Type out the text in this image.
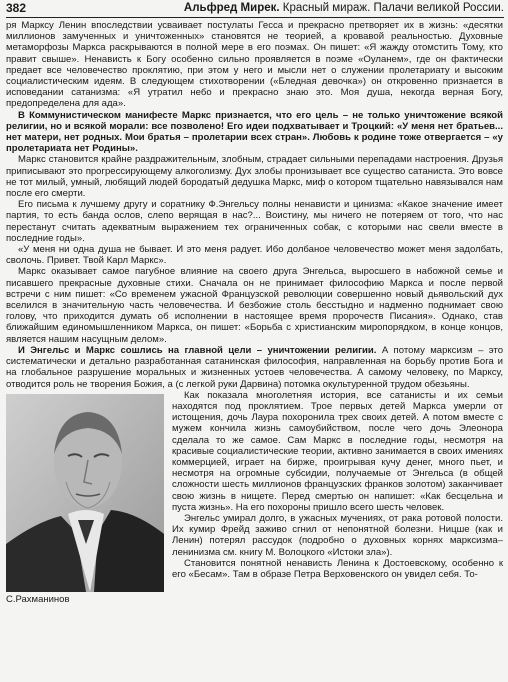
382	Альфред Мирек. Красный мираж. Палачи великой России.

ря Марксу Ленин впоследствии усваивает постулаты Гесса и прекрасно претворяет их в жизнь: «десятки миллионов замученных и уничтоженных» становятся не теорией, а кровавой реальностью. Духовные метаморфозы Маркса раскрываются в полной мере в его поэмах. Он пишет: «Я жажду отомстить Тому, кто правит свыше». Ненависть к Богу особенно сильно проявляется в поэме «Оуланем», где он фактически предает все человечество проклятию, при этом у него и мысли нет о служении пролетариату и высоким социалистическим идеям. В следующем стихотворении («Бледная девочка») он откровенно признается в исповедании сатанизма: «Я утратил небо и прекрасно знаю это. Моя душа, некогда верная Богу, предопределена для ада».

В Коммунистическом манифесте Маркс признается, что его цель – не только уничтожение всякой религии, но и всякой морали: все позволено! Его идеи подхватывает и Троцкий: «У меня нет братьев... нет матери, нет родных. Мои братья – пролетарии всех стран». Любовь к родине тоже отвергается – «у пролетариата нет Родины».

Маркс становится крайне раздражительным, злобным, страдает сильными перепадами настроения. Друзья приписывают это прогрессирующему алкоголизму. Дух злобы пронизывает все существо сатаниста. Это вовсе не тот милый, умный, любящий людей бородатый дедушка Маркс, миф о котором тщательно навязывался нам после его смерти.

Его письма к лучшему другу и соратнику Ф.Энгельсу полны ненависти и цинизма: «Какое значение имеет партия, то есть банда ослов, слепо верящая в нас?... Воистину, мы ничего не потеряем от того, что нас перестанут считать адекватным выражением тех ограниченных собак, с которыми нас свели вместе в последние годы».

«У меня ни одна душа не бывает. И это меня радует. Ибо долбаное человечество может меня задолбать, сволочь. Привет. Твой Карл Маркс».

Маркс оказывает самое пагубное влияние на своего друга Энгельса, выросшего в набожной семье и писавшего прекрасные духовные стихи. Сначала он не принимает философию Маркса и после первой встречи с ним пишет: «Со временем ужасной Французской революции совершенно новый дьявольский дух вселился в значительную часть человечества. И безбожие столь бесстыдно и надменно поднимает свою голову, что приходится думать об исполнении в настоящее время пророчеств Писания». Однако, став ближайшим единомышленником Маркса, он пишет: «Борьба с христианским миропорядком, в конце концов, является нашим насущным делом».

И Энгельс и Маркс сошлись на главной цели – уничтожении религии. А потому марксизм – это систематически и детально разработанная сатанинская философия, направленная на борьбу против Бога и на глобальное разрушение моральных и жизненных устоев человечества. А самому человеку, по Марксу, отводится роль не творения Божия, а (с легкой руки Дарвина) потомка окультуренной трудом обезьяны.

С.Рахманинов

Как показала многолетняя история, все сатанисты и их семьи находятся под проклятием. Трое первых детей Маркса умерли от истощения, дочь Лаура похоронила трех своих детей. А потом вместе с мужем кончила жизнь самоубийством, после чего дочь Элеонора сделала то же самое. Сам Маркс в последние годы, несмотря на красивые социалистические теории, активно занимается в своих имениях коммерцией, играет на бирже, проигрывая кучу денег, много пьет, и несмотря на огромные субсидии, получаемые от Энгельса (в общей сложности шесть миллионов французских франков золотом) заканчивает свою жизнь в нищете. Перед смертью он напишет: «Как бесцельна и пуста жизнь». На его похороны пришло всего шесть человек.

Энгельс умирал долго, в ужасных мучениях, от рака ротовой полости. Их кумир Фрейд заживо сгнил от непонятной болезни. Ницше (как и Ленин) потерял рассудок (подробно о духовных корнях марксизма–ленинизма см. книгу М. Волоцкого «Истоки зла»).

Становится понятной ненависть Ленина к Достоевскому, особенно к его «Бесам». Там в образе Петра Верховенского он увидел себя. То-
